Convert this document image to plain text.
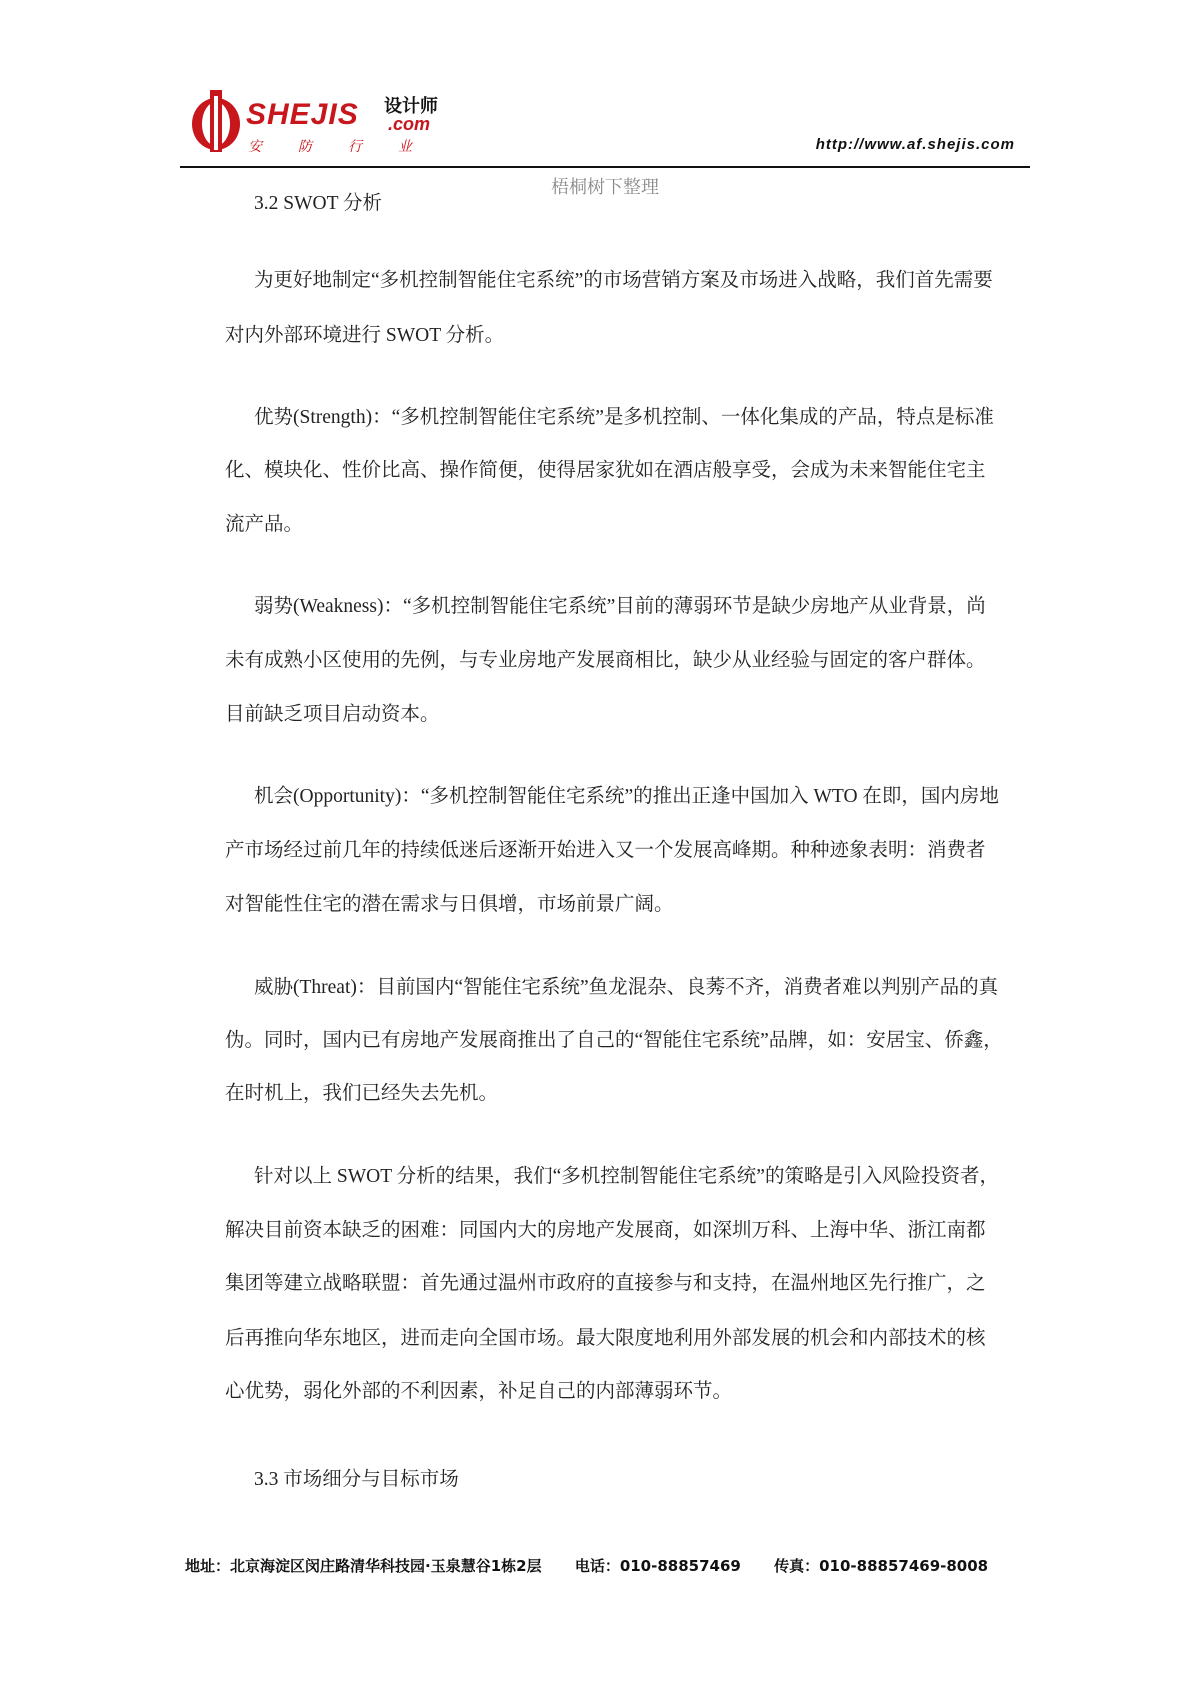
SHEJIS 设计师
.com
安防行业	http://www.af.shejis.com
梧桐树下整理
3.2 SWOT 分析
为更好地制定“多机控制智能住宅系统”的市场营销方案及市场进入战略，我们首先需要
对内外部环境进行 SWOT 分析。
优势(Strength)：“多机控制智能住宅系统”是多机控制、一体化集成的产品，特点是标准
化、模块化、性价比高、操作简便，使得居家犹如在酒店般享受，会成为未来智能住宅主
流产品。
弱势(Weakness)：“多机控制智能住宅系统”目前的薄弱环节是缺少房地产从业背景，尚
未有成熟小区使用的先例，与专业房地产发展商相比，缺少从业经验与固定的客户群体。
目前缺乏项目启动资本。
机会(Opportunity)：“多机控制智能住宅系统”的推出正逢中国加入 WTO 在即，国内房地
产市场经过前几年的持续低迷后逐渐开始进入又一个发展高峰期。种种迹象表明：消费者
对智能性住宅的潜在需求与日俱增，市场前景广阔。
威胁(Threat)：目前国内“智能住宅系统”鱼龙混杂、良莠不齐，消费者难以判别产品的真
伪。同时，国内已有房地产发展商推出了自己的“智能住宅系统”品牌，如：安居宝、侨鑫，
在时机上，我们已经失去先机。
针对以上 SWOT 分析的结果，我们“多机控制智能住宅系统”的策略是引入风险投资者，
解决目前资本缺乏的困难：同国内大的房地产发展商，如深圳万科、上海中华、浙江南都
集团等建立战略联盟：首先通过温州市政府的直接参与和支持，在温州地区先行推广，之
后再推向华东地区，进而走向全国市场。最大限度地利用外部发展的机会和内部技术的核
心优势，弱化外部的不利因素，补足自己的内部薄弱环节。
3.3 市场细分与目标市场
地址：北京海淀区闵庄路清华科技园·玉泉慧谷1栋2层 电话：010-88857469 传真：010-88857469-8008
